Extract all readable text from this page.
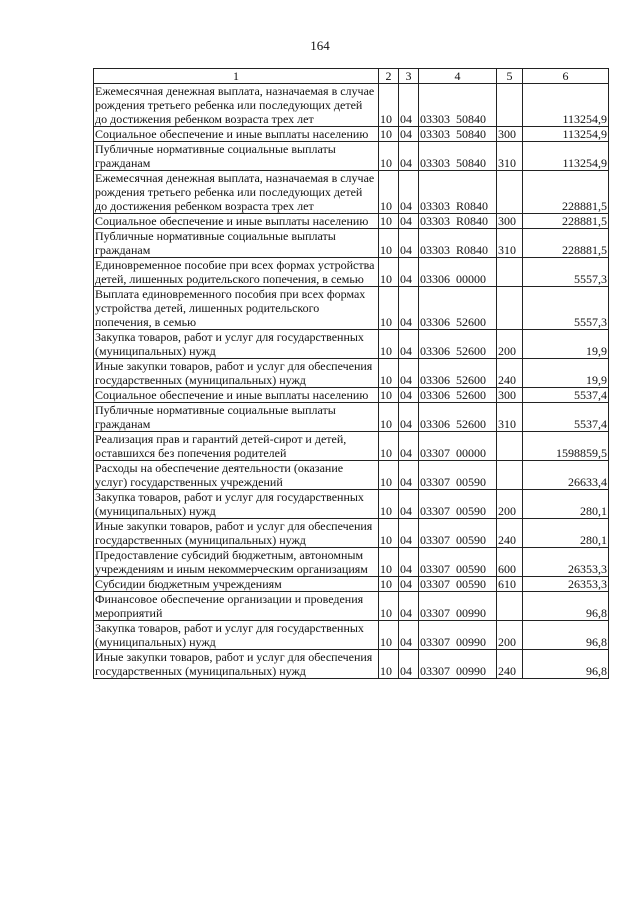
164
1	2	3	4	5	6
Ежемесячная денежная выплата, назначаемая в случае рождения третьего ребенка или последующих детей до достижения ребенком возраста трех лет	10	04	03303  50840		113254,9
Социальное обеспечение и иные выплаты населению	10	04	03303  50840	300	113254,9
Публичные нормативные социальные выплаты гражданам	10	04	03303  50840	310	113254,9
Ежемесячная денежная выплата, назначаемая в случае рождения третьего ребенка или последующих детей до достижения ребенком возраста трех лет	10	04	03303  R0840		228881,5
Социальное обеспечение и иные выплаты населению	10	04	03303  R0840	300	228881,5
Публичные нормативные социальные выплаты гражданам	10	04	03303  R0840	310	228881,5
Единовременное пособие при всех формах устройства детей, лишенных родительского попечения, в семью	10	04	03306  00000		5557,3
Выплата единовременного пособия при всех формах устройства детей, лишенных родительского попечения, в семью	10	04	03306  52600		5557,3
Закупка товаров, работ и услуг для государственных (муниципальных) нужд	10	04	03306  52600	200	19,9
Иные закупки товаров, работ и услуг для обеспечения государственных (муниципальных) нужд	10	04	03306  52600	240	19,9
Социальное обеспечение и иные выплаты населению	10	04	03306  52600	300	5537,4
Публичные нормативные социальные выплаты гражданам	10	04	03306  52600	310	5537,4
Реализация прав и гарантий детей-сирот и детей, оставшихся без попечения родителей	10	04	03307  00000		1598859,5
Расходы на обеспечение деятельности (оказание услуг) государственных учреждений	10	04	03307  00590		26633,4
Закупка товаров, работ и услуг для государственных (муниципальных) нужд	10	04	03307  00590	200	280,1
Иные закупки товаров, работ и услуг для обеспечения государственных (муниципальных) нужд	10	04	03307  00590	240	280,1
Предоставление субсидий бюджетным, автономным учреждениям и иным некоммерческим организациям	10	04	03307  00590	600	26353,3
Субсидии бюджетным учреждениям	10	04	03307  00590	610	26353,3
Финансовое обеспечение организации и проведения мероприятий	10	04	03307  00990		96,8
Закупка товаров, работ и услуг для государственных (муниципальных) нужд	10	04	03307  00990	200	96,8
Иные закупки товаров, работ и услуг для обеспечения государственных (муниципальных) нужд	10	04	03307  00990	240	96,8
